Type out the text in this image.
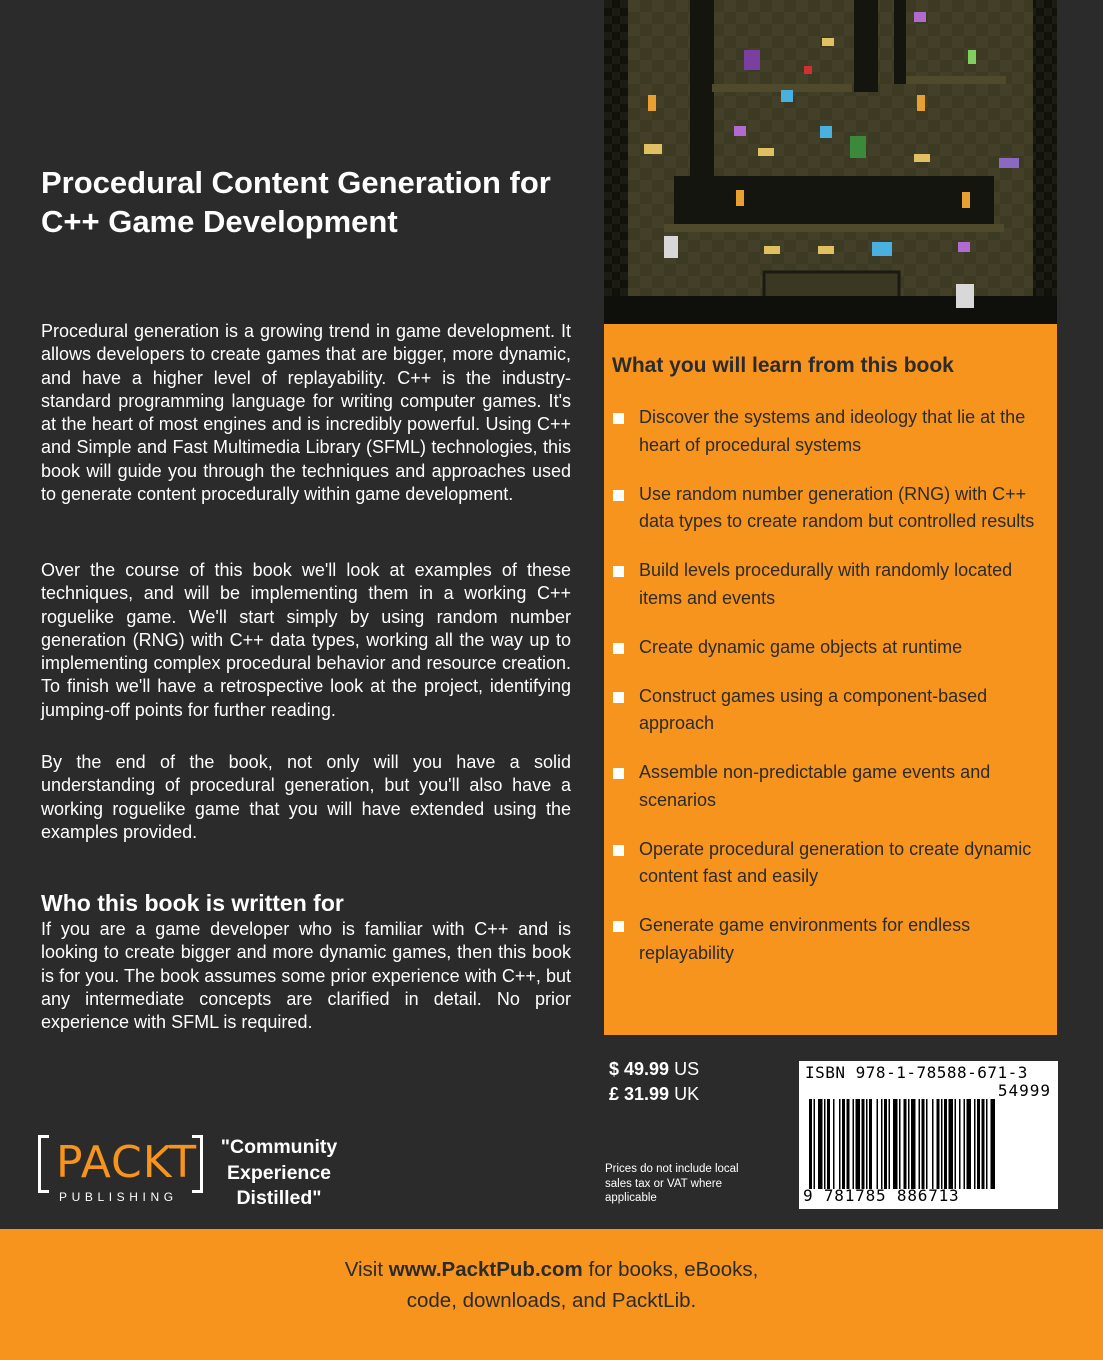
Procedural Content Generation for C++ Game Development

Procedural generation is a growing trend in game development. It allows developers to create games that are bigger, more dynamic, and have a higher level of replayability. C++ is the industry-standard programming language for writing computer games. It's at the heart of most engines and is incredibly powerful. Using C++ and Simple and Fast Multimedia Library (SFML) technologies, this book will guide you through the techniques and approaches used to generate content procedurally within game development.

Over the course of this book we'll look at examples of these techniques, and will be implementing them in a working C++ roguelike game. We'll start simply by using random number generation (RNG) with C++ data types, working all the way up to implementing complex procedural behavior and resource creation. To finish we'll have a retrospective look at the project, identifying jumping-off points for further reading.

By the end of the book, not only will you have a solid understanding of procedural generation, but you'll also have a working roguelike game that you will have extended using the examples provided.

Who this book is written for

If you are a game developer who is familiar with C++ and is looking to create bigger and more dynamic games, then this book is for you. The book assumes some prior experience with C++, but any intermediate concepts are clarified in detail. No prior experience with SFML is required.

What you will learn from this book
Discover the systems and ideology that lie at the heart of procedural systems
Use random number generation (RNG) with C++ data types to create random but controlled results
Build levels procedurally with randomly located items and events
Create dynamic game objects at runtime
Construct games using a component-based approach
Assemble non-predictable game events and scenarios
Operate procedural generation to create dynamic content fast and easily
Generate game environments for endless replayability
$ 49.99 US
£ 31.99 UK
Prices do not include local sales tax or VAT where applicable
ISBN 978-1-78588-671-3
54999
9 781785 886713
PACKT
PUBLISHING
"Community Experience Distilled"
Visit www.PacktPub.com for books, eBooks,
code, downloads, and PacktLib.
